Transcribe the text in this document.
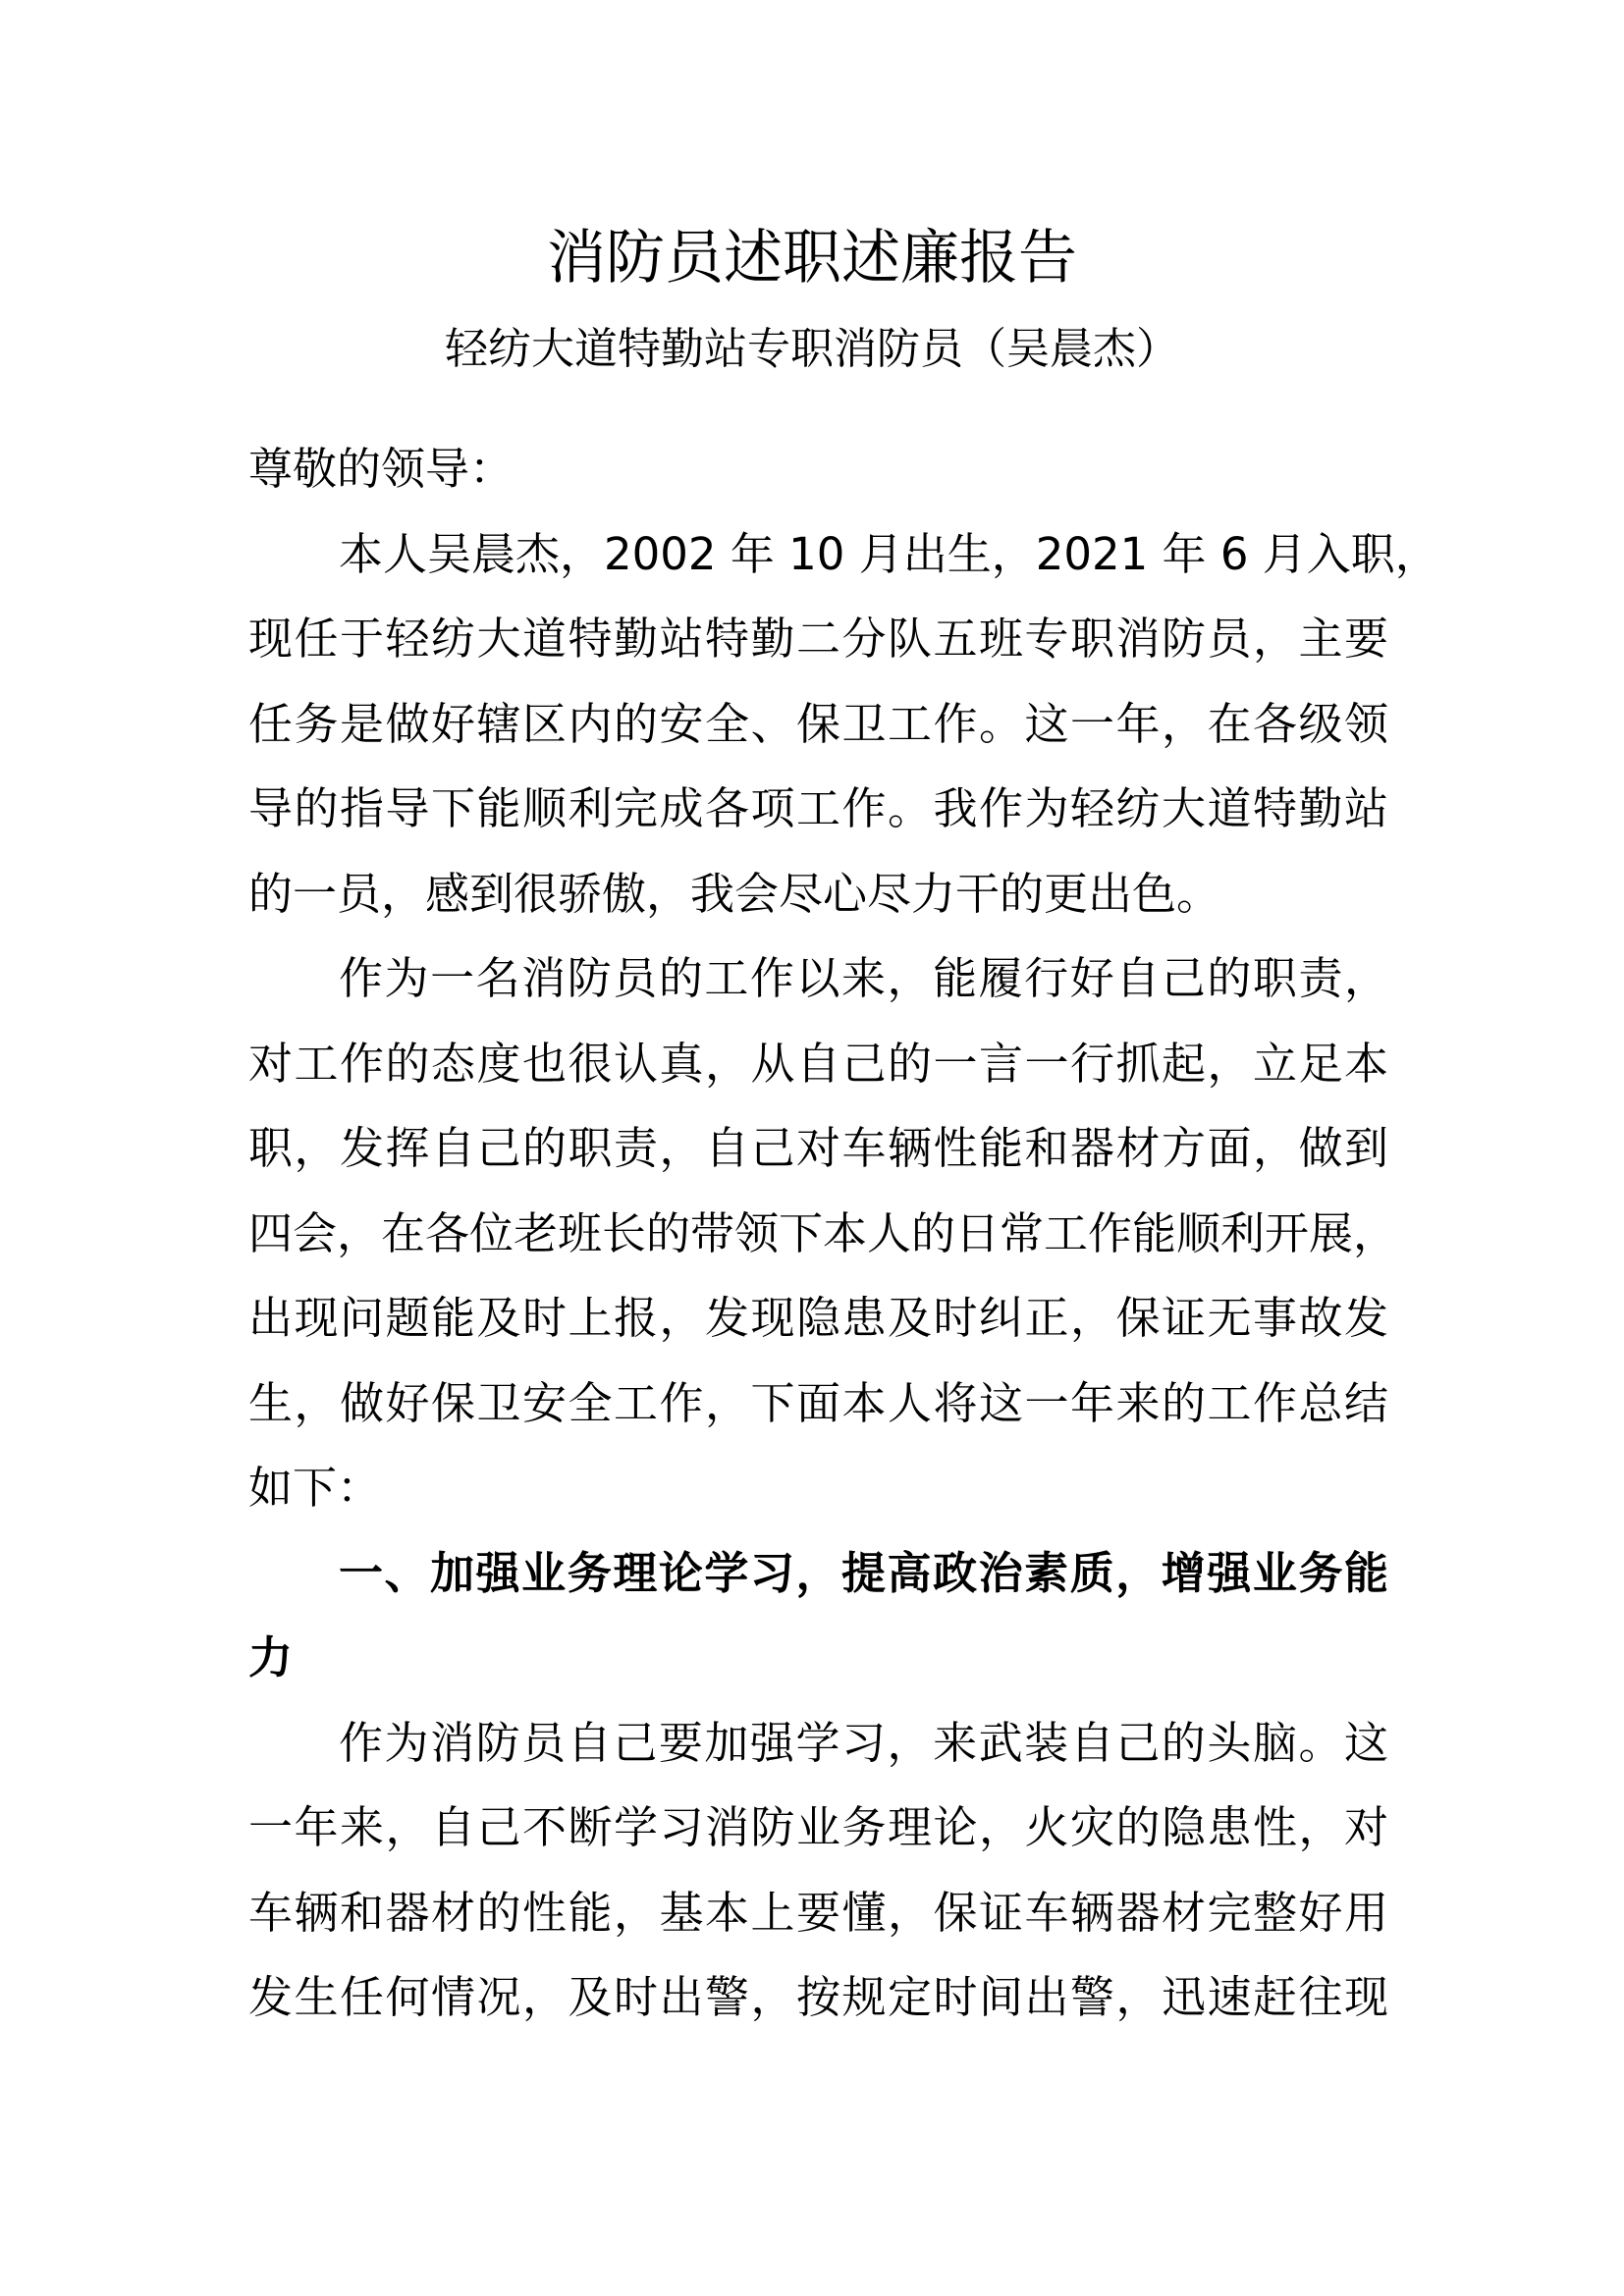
消防员述职述廉报告
轻纺大道特勤站专职消防员（吴晨杰）
尊敬的领导：
本人吴晨杰，2002 年 10 月出生，2021 年 6 月入职，
现任于轻纺大道特勤站特勤二分队五班专职消防员，主要
任务是做好辖区内的安全、保卫工作。这一年，在各级领
导的指导下能顺利完成各项工作。我作为轻纺大道特勤站
的一员，感到很骄傲，我会尽心尽力干的更出色。
作为一名消防员的工作以来，能履行好自己的职责，
对工作的态度也很认真，从自己的一言一行抓起，立足本
职，发挥自己的职责，自己对车辆性能和器材方面，做到
四会，在各位老班长的带领下本人的日常工作能顺利开展，
出现问题能及时上报，发现隐患及时纠正，保证无事故发
生，做好保卫安全工作，下面本人将这一年来的工作总结
如下：
一、加强业务理论学习，提高政治素质，增强业务能
力
作为消防员自己要加强学习，来武装自己的头脑。这
一年来，自己不断学习消防业务理论，火灾的隐患性，对
车辆和器材的性能，基本上要懂，保证车辆器材完整好用
发生任何情况，及时出警，按规定时间出警，迅速赶往现
